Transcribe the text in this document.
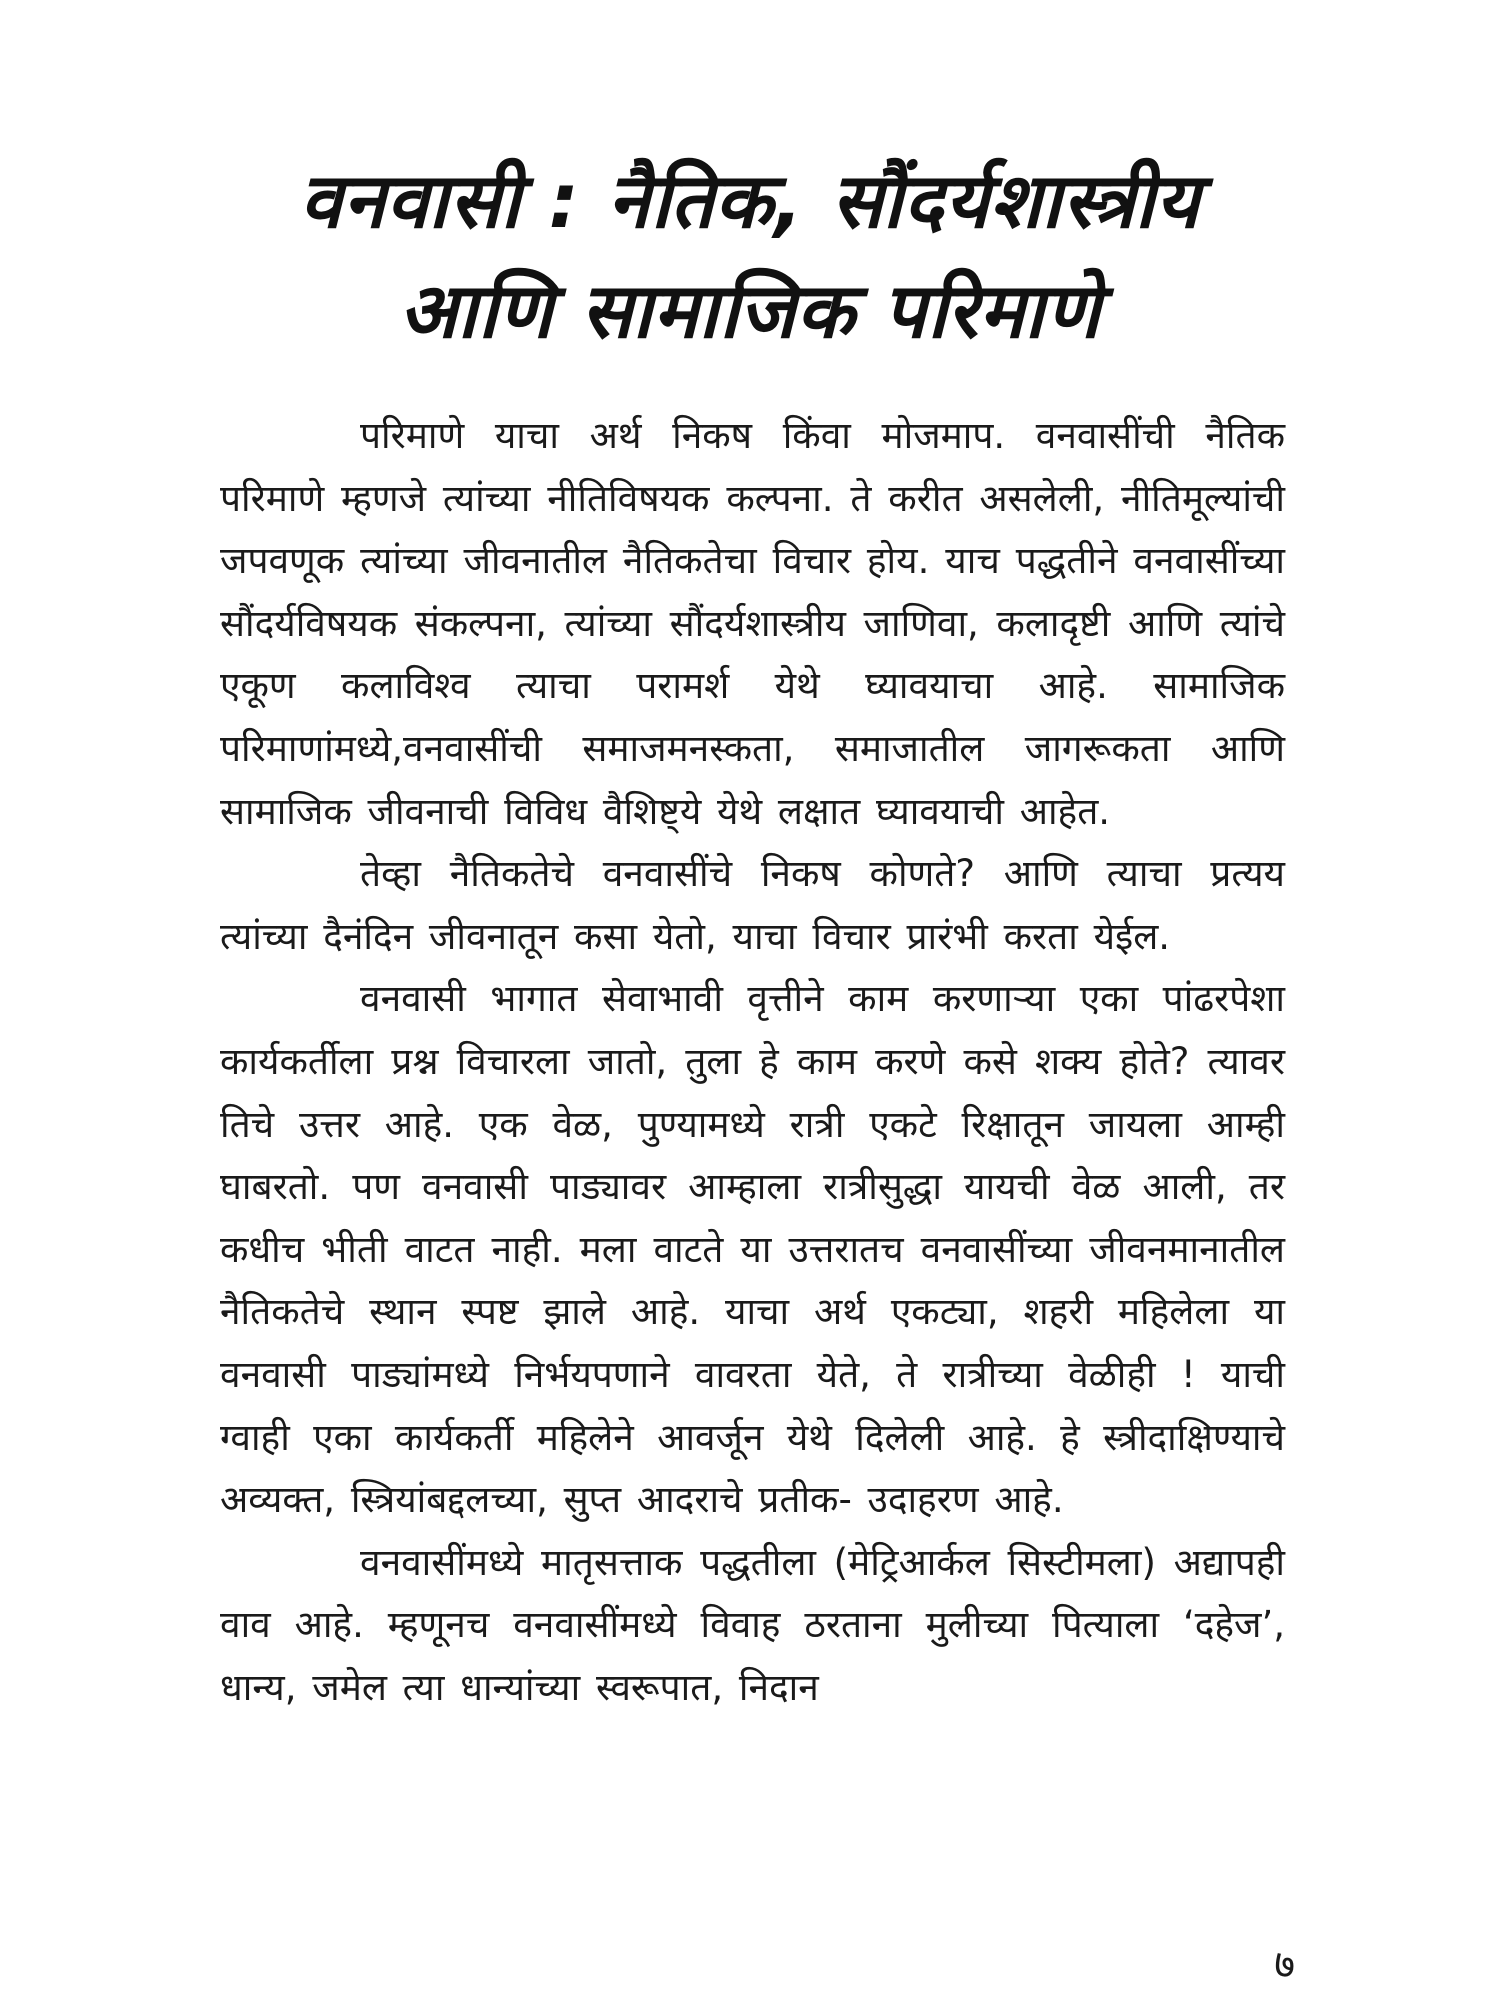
वनवासी : नैतिक, सौंदर्यशास्त्रीय
आणि सामाजिक परिमाणे

परिमाणे याचा अर्थ निकष किंवा मोजमाप. वनवासींची नैतिक परिमाणे म्हणजे त्यांच्या नीतिविषयक कल्पना. ते करीत असलेली, नीतिमूल्यांची जपवणूक त्यांच्या जीवनातील नैतिकतेचा विचार होय. याच पद्धतीने वनवासींच्या सौंदर्यविषयक संकल्पना, त्यांच्या सौंदर्यशास्त्रीय जाणिवा, कलादृष्टी आणि त्यांचे एकूण कलाविश्व त्याचा परामर्श येथे घ्यावयाचा आहे. सामाजिक परिमाणांमध्ये,वनवासींची समाजमनस्कता, समाजातील जागरूकता आणि सामाजिक जीवनाची विविध वैशिष्ट्ये येथे लक्षात घ्यावयाची आहेत.

तेव्हा नैतिकतेचे वनवासींचे निकष कोणते? आणि त्याचा प्रत्यय त्यांच्या दैनंदिन जीवनातून कसा येतो, याचा विचार प्रारंभी करता येईल.

वनवासी भागात सेवाभावी वृत्तीने काम करणाऱ्या एका पांढरपेशा कार्यकर्तीला प्रश्न विचारला जातो, तुला हे काम करणे कसे शक्य होते? त्यावर तिचे उत्तर आहे. एक वेळ, पुण्यामध्ये रात्री एकटे रिक्षातून जायला आम्ही घाबरतो. पण वनवासी पाड्यावर आम्हाला रात्रीसुद्धा यायची वेळ आली, तर कधीच भीती वाटत नाही. मला वाटते या उत्तरातच वनवासींच्या जीवनमानातील नैतिकतेचे स्थान स्पष्ट झाले आहे. याचा अर्थ एकट्या, शहरी महिलेला या वनवासी पाड्यांमध्ये निर्भयपणाने वावरता येते, ते रात्रीच्या वेळीही ! याची ग्वाही एका कार्यकर्ती महिलेने आवर्जून येथे दिलेली आहे. हे स्त्रीदाक्षिण्याचे अव्यक्त, स्त्रियांबद्दलच्या, सुप्त आदराचे प्रतीक- उदाहरण आहे.

वनवासींमध्ये मातृसत्ताक पद्धतीला (मेट्रिआर्कल सिस्टीमला) अद्यापही वाव आहे. म्हणूनच वनवासींमध्ये विवाह ठरताना मुलीच्या पित्याला ‘दहेज’, धान्य, जमेल त्या धान्यांच्या स्वरूपात, निदान

७
